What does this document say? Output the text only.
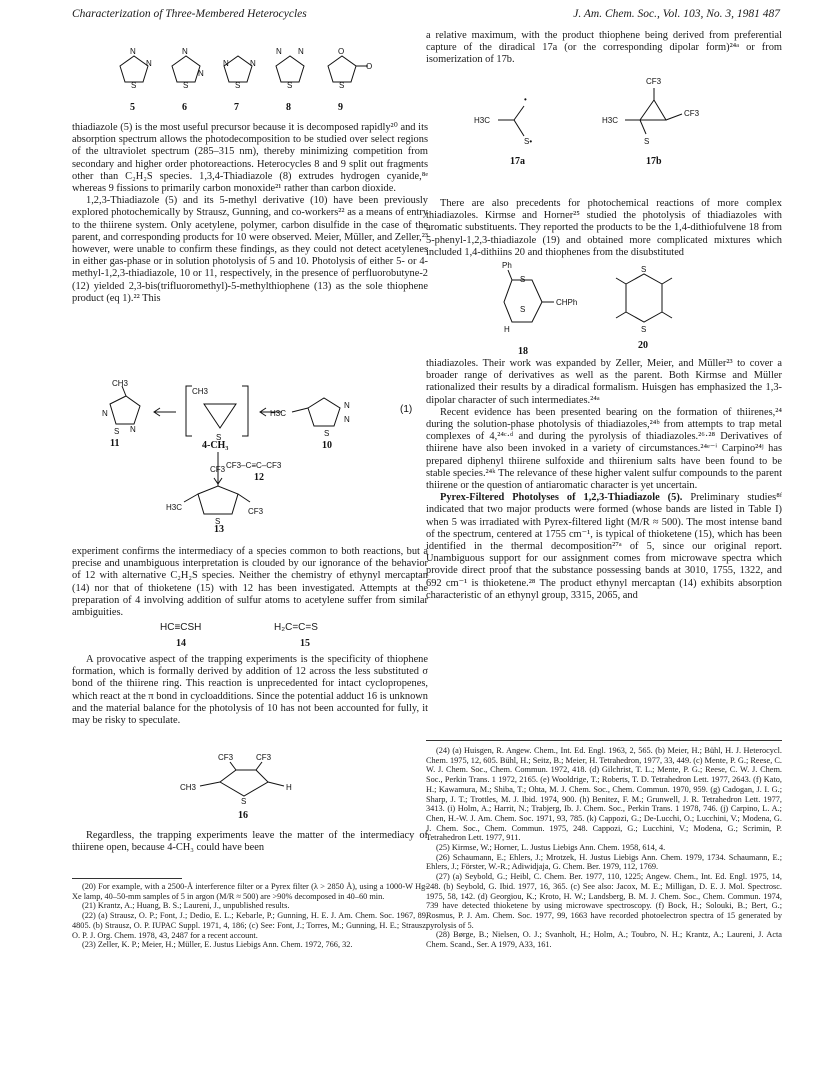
Characterization of Three-Membered Heterocycles	J. Am. Chem. Soc., Vol. 103, No. 3, 1981 487
N
N
S
N
N
S
N	N
S
N N
S
O
O
S
5	6	7	8	9

thiadiazole (5) is the most useful precursor because it is decomposed rapidly²⁰ and its absorption spectrum allows the photodecomposition to be studied over select regions of the ultraviolet spectrum (285–315 nm), thereby minimizing competition from secondary and higher order photoreactions. Heterocycles 8 and 9 split out fragments other than C₂H₂S species. 1,3,4-Thiadiazole (8) extrudes hydrogen cyanide,⁸ᵉ whereas 9 fissions to primarily carbon monoxide²¹ rather than carbon dioxide.

1,2,3-Thiadiazole (5) and its 5-methyl derivative (10) have been previously explored photochemically by Strausz, Gunning, and co-workers²² as a means of entry to the thiirene system. Only acetylene, polymer, carbon disulfide in the case of the parent, and corresponding products for 10 were observed. Meier, Müller, and Zeller,²³ however, were unable to confirm these findings, as they could not detect acetylenes in either gas-phase or in solution photolysis of 5 and 10. Photolysis of either 5- or 4-methyl-1,2,3-thiadiazole, 10 or 11, respectively, in the presence of perfluorobutyne-2 (12) yielded 2,3-bis(trifluoromethyl)-5-methylthiophene (13) as the sole thiophene product (eq 1).²² This

CH3
N
N
S
CH3
S
H3C
N
N
S
CF3–C≡C–CF3
CF3
H3C
S
CF3
11	4-CH₃	10
12
13
(1)

experiment confirms the intermediacy of a species common to both reactions, but a precise and unambiguous interpretation is clouded by our ignorance of the behavior of 12 with alternative C₂H₂S species. Neither the chemistry of ethynyl mercaptan (14) nor that of thioketene (15) with 12 has been investigated. Attempts at the preparation of 4 involving addition of sulfur atoms to acetylene suffer from similar ambiguities.

HC≡CSH	H₂C=C=S
14	15

A provocative aspect of the trapping experiments is the specificity of thiophene formation, which is formally derived by addition of 12 across the less substituted σ bond of the thiirene ring. This reaction is unprecedented for intact cyclopropenes, which react at the π bond in cycloadditions. Since the potential adduct 16 is unknown and the material balance for the photolysis of 10 has not been accounted for fully, it may be risky to speculate.

CF3	CF3
CH3
S
H
16

Regardless, the trapping experiments leave the matter of the intermediacy of thiirene open, because 4-CH₃ could have been

(20) For example, with a 2500-Å interference filter or a Pyrex filter (λ > 2850 Å), using a 1000-W Hg-Xe lamp, 40–50-mm samples of 5 in argon (M/R ≈ 500) are >90% decomposed in 40–60 min.

(21) Krantz, A.; Huang, B. S.; Laureni, J., unpublished results.

(22) (a) Strausz, O. P.; Font, J.; Dedio, E. L.; Kebarle, P.; Gunning, H. E. J. Am. Chem. Soc. 1967, 89, 4805. (b) Strausz, O. P. IUPAC Suppl. 1971, 4, 186; (c) See: Font, J.; Torres, M.; Gunning, H. E.; Strausz, O. P. J. Org. Chem. 1978, 43, 2487 for a recent account.

(23) Zeller, K. P.; Meier, H.; Müller, E. Justus Liebigs Ann. Chem. 1972, 766, 32.

a relative maximum, with the product thiophene being derived from preferential capture of the diradical 17a (or the corresponding dipolar form)²⁴ᵃ or from isomerization of 17b.

H3C
•
S•
H3C
CF3
CF3
S
17a	17b

There are also precedents for photochemical reactions of more complex thiadiazoles. Kirmse and Horner²⁵ studied the photolysis of thiadiazoles with aromatic substituents. They reported the products to be the 1,4-dithiofulvene 18 from 5-phenyl-1,2,3-thiadiazole (19) and obtained more complicated mixtures which included 1,4-dithiins 20 and thiophenes from the disubstituted

Ph
S
S
CHPh
H
S
S
18
20

thiadiazoles. Their work was expanded by Zeller, Meier, and Müller²³ to cover a broader range of derivatives as well as the parent. Both Kirmse and Müller rationalized their results by a diradical formalism. Huisgen has emphasized the 1,3-dipolar character of such intermediates.²⁴ᵃ

Recent evidence has been presented bearing on the formation of thiirenes,²⁴ during the solution-phase photolysis of thiadiazoles,²⁴ᵇ from attempts to trap metal complexes of 4,²⁴ᶜ·ᵈ and during the pyrolysis of thiadiazoles.²⁶·²⁸ Derivatives of thiirene have also been invoked in a variety of circumstances.²⁴ᵉ⁻ⁱ Carpino²⁴ʲ has prepared diphenyl thiirene sulfoxide and thiirenium salts have been found to be stable species.²⁴ᵏ The relevance of these higher valent sulfur compounds to the parent thiirene or the question of antiaromatic character is yet uncertain.

Pyrex-Filtered Photolyses of 1,2,3-Thiadiazole (5). Preliminary studies⁸ᶠ indicated that two major products were formed (whose bands are listed in Table I) when 5 was irradiated with Pyrex-filtered light (M/R ≈ 500). The most intense band of the spectrum, centered at 1755 cm⁻¹, is typical of thioketene (15), which has been identified in the thermal decomposition²⁷ᵃ of 5, since our original report. Unambiguous support for our assignment comes from microwave spectra which provide direct proof that the substance possessing bands at 3010, 1755, 1322, and 692 cm⁻¹ is thioketene.²⁸ The product ethynyl mercaptan (14) exhibits absorption characteristic of an ethynyl group, 3315, 2065, and

(24) (a) Huisgen, R. Angew. Chem., Int. Ed. Engl. 1963, 2, 565. (b) Meier, H.; Bühl, H. J. Heterocycl. Chem. 1975, 12, 605. Bühl, H.; Seitz, B.; Meier, H. Tetrahedron, 1977, 33, 449. (c) Mente, P. G.; Reese, C. W. J. Chem. Soc., Chem. Commun. 1972, 418. (d) Gilchrist, T. L.; Mente, P. G.; Reese, C. W. J. Chem. Soc., Perkin Trans. 1 1972, 2165. (e) Wooldrige, T.; Roberts, T. D. Tetrahedron Lett. 1977, 2643. (f) Kato, H.; Kawamura, M.; Shiba, T.; Ohta, M. J. Chem. Soc., Chem. Commun. 1970, 959. (g) Cadogan, J. I. G.; Sharp, J. T.; Trottles, M. J. Ibid. 1974, 900. (h) Benitez, F. M.; Grunwell, J. R. Tetrahedron Lett. 1977, 3413. (i) Holm, A.; Harrit, N.; Trabjerg, Ib. J. Chem. Soc., Perkin Trans. 1 1978, 746. (j) Carpino, L. A.; Chen, H.-W. J. Am. Chem. Soc. 1971, 93, 785. (k) Cappozi, G.; De-Lucchi, O.; Lucchini, V.; Modena, G. J. Chem. Soc., Chem. Commun. 1975, 248. Cappozi, G.; Lucchini, V.; Modena, G.; Scrimin, P. Tetrahedron Lett. 1977, 911.

(25) Kirmse, W.; Horner, L. Justus Liebigs Ann. Chem. 1958, 614, 4.

(26) Schaumann, E.; Ehlers, J.; Mrotzek, H. Justus Liebigs Ann. Chem. 1979, 1734. Schaumann, E.; Ehlers, J.; Förster, W.-R.; Adiwidjaja, G. Chem. Ber. 1979, 112, 1769.

(27) (a) Seybold, G.; Heibl, C. Chem. Ber. 1977, 110, 1225; Angew. Chem., Int. Ed. Engl. 1975, 14, 248. (b) Seybold, G. Ibid. 1977, 16, 365. (c) See also: Jacox, M. E.; Milligan, D. E. J. Mol. Spectrosc. 1975, 58, 142. (d) Georgiou, K.; Kroto, H. W.; Landsberg, B. M. J. Chem. Soc., Chem. Commun. 1974, 739 have detected thioketene by using microwave spectroscopy. (f) Bock, H.; Solouki, B.; Bert, G.; Rosmus, P. J. Am. Chem. Soc. 1977, 99, 1663 have recorded photoelectron spectra of 15 generated by pyrolysis of 5.

(28) Børge, B.; Nielsen, O. J.; Svanholt, H.; Holm, A.; Toubro, N. H.; Krantz, A.; Laureni, J. Acta Chem. Scand., Ser. A 1979, A33, 161.
